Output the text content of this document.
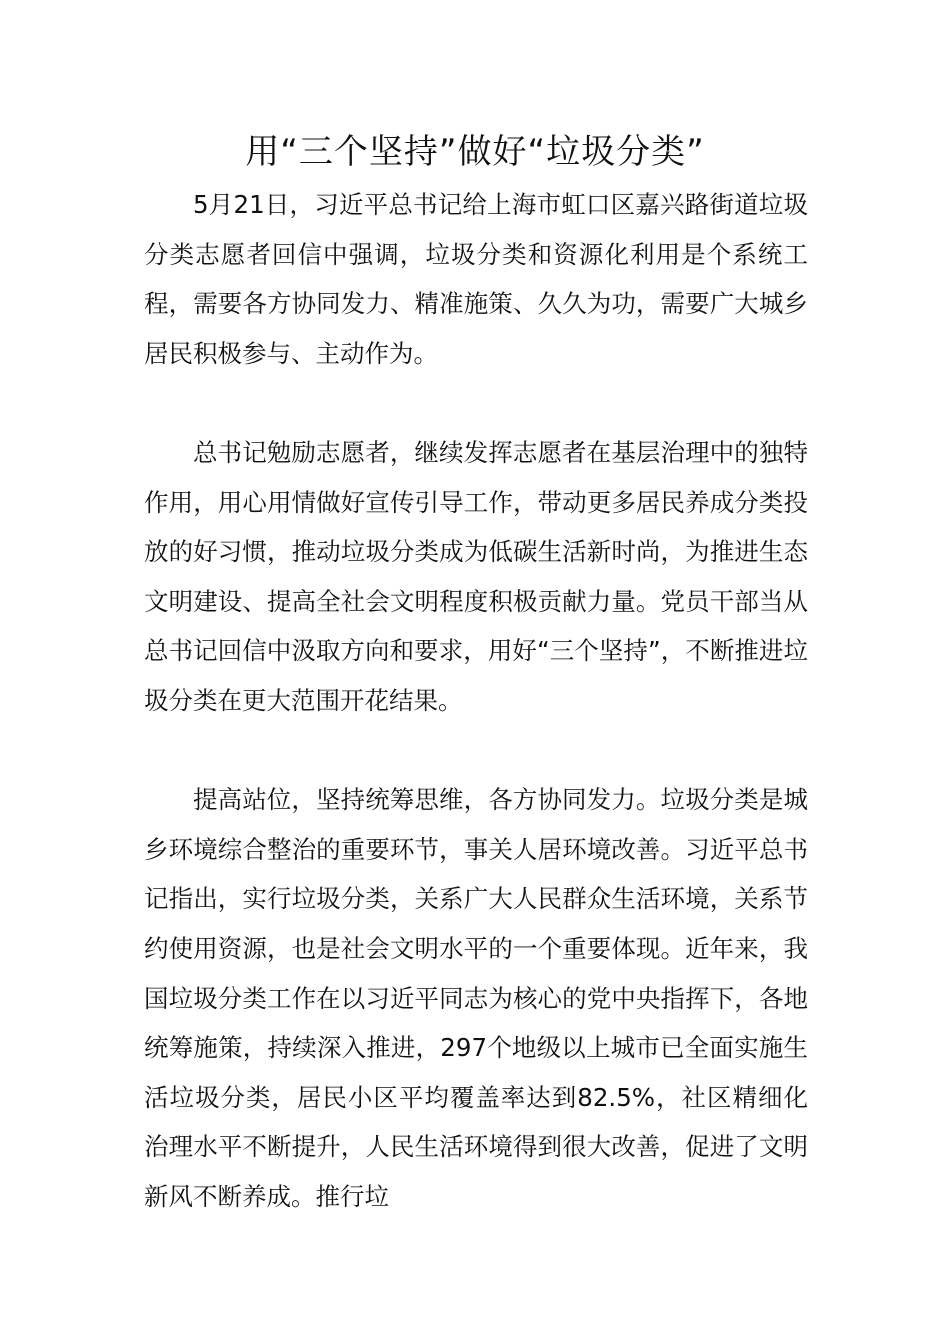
用“三个坚持”做好“垃圾分类”

5月21日，习近平总书记给上海市虹口区嘉兴路街道垃圾分类志愿者回信中强调，垃圾分类和资源化利用是个系统工程，需要各方协同发力、精准施策、久久为功，需要广大城乡居民积极参与、主动作为。

总书记勉励志愿者，继续发挥志愿者在基层治理中的独特作用，用心用情做好宣传引导工作，带动更多居民养成分类投放的好习惯，推动垃圾分类成为低碳生活新时尚，为推进生态文明建设、提高全社会文明程度积极贡献力量。党员干部当从总书记回信中汲取方向和要求，用好“三个坚持”，不断推进垃圾分类在更大范围开花结果。

提高站位，坚持统筹思维，各方协同发力。垃圾分类是城乡环境综合整治的重要环节，事关人居环境改善。习近平总书记指出，实行垃圾分类，关系广大人民群众生活环境，关系节约使用资源，也是社会文明水平的一个重要体现。近年来，我国垃圾分类工作在以习近平同志为核心的党中央指挥下，各地统筹施策，持续深入推进，297个地级以上城市已全面实施生活垃圾分类，居民小区平均覆盖率达到82.5%，社区精细化治理水平不断提升，人民生活环境得到很大改善，促进了文明新风不断养成。推行垃
